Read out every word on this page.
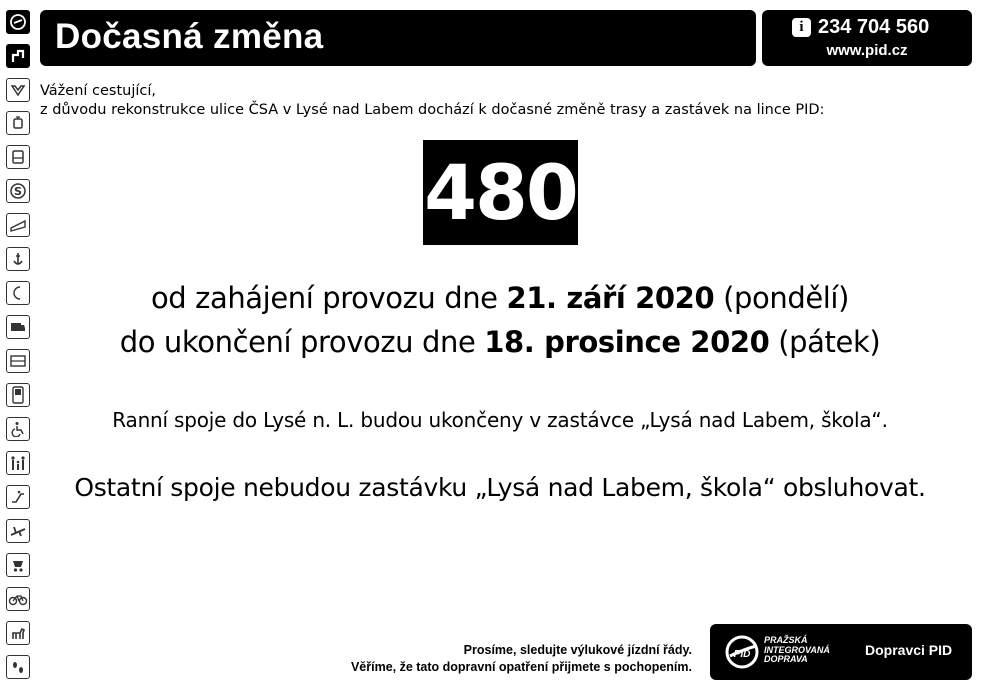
S
Dočasná změna	i 234 704 560
www.pid.cz
Vážení cestující,
z důvodu rekonstrukce ulice ČSA v Lysé nad Labem dochází k dočasné změně trasy a zastávek na lince PID:
480
od zahájení provozu dne 21. září 2020 (pondělí)
do ukončení provozu dne 18. prosince 2020 (pátek)
Ranní spoje do Lysé n. L. budou ukončeny v zastávce „Lysá nad Labem, škola“.
Ostatní spoje nebudou zastávku „Lysá nad Labem, škola“ obsluhovat.
Prosíme, sledujte výlukové jízdní řády.
Věříme, že tato dopravní opatření přijmete s pochopením.
PID
PRAŽSKÁ
INTEGROVANÁ
DOPRAVA
Dopravci PID
